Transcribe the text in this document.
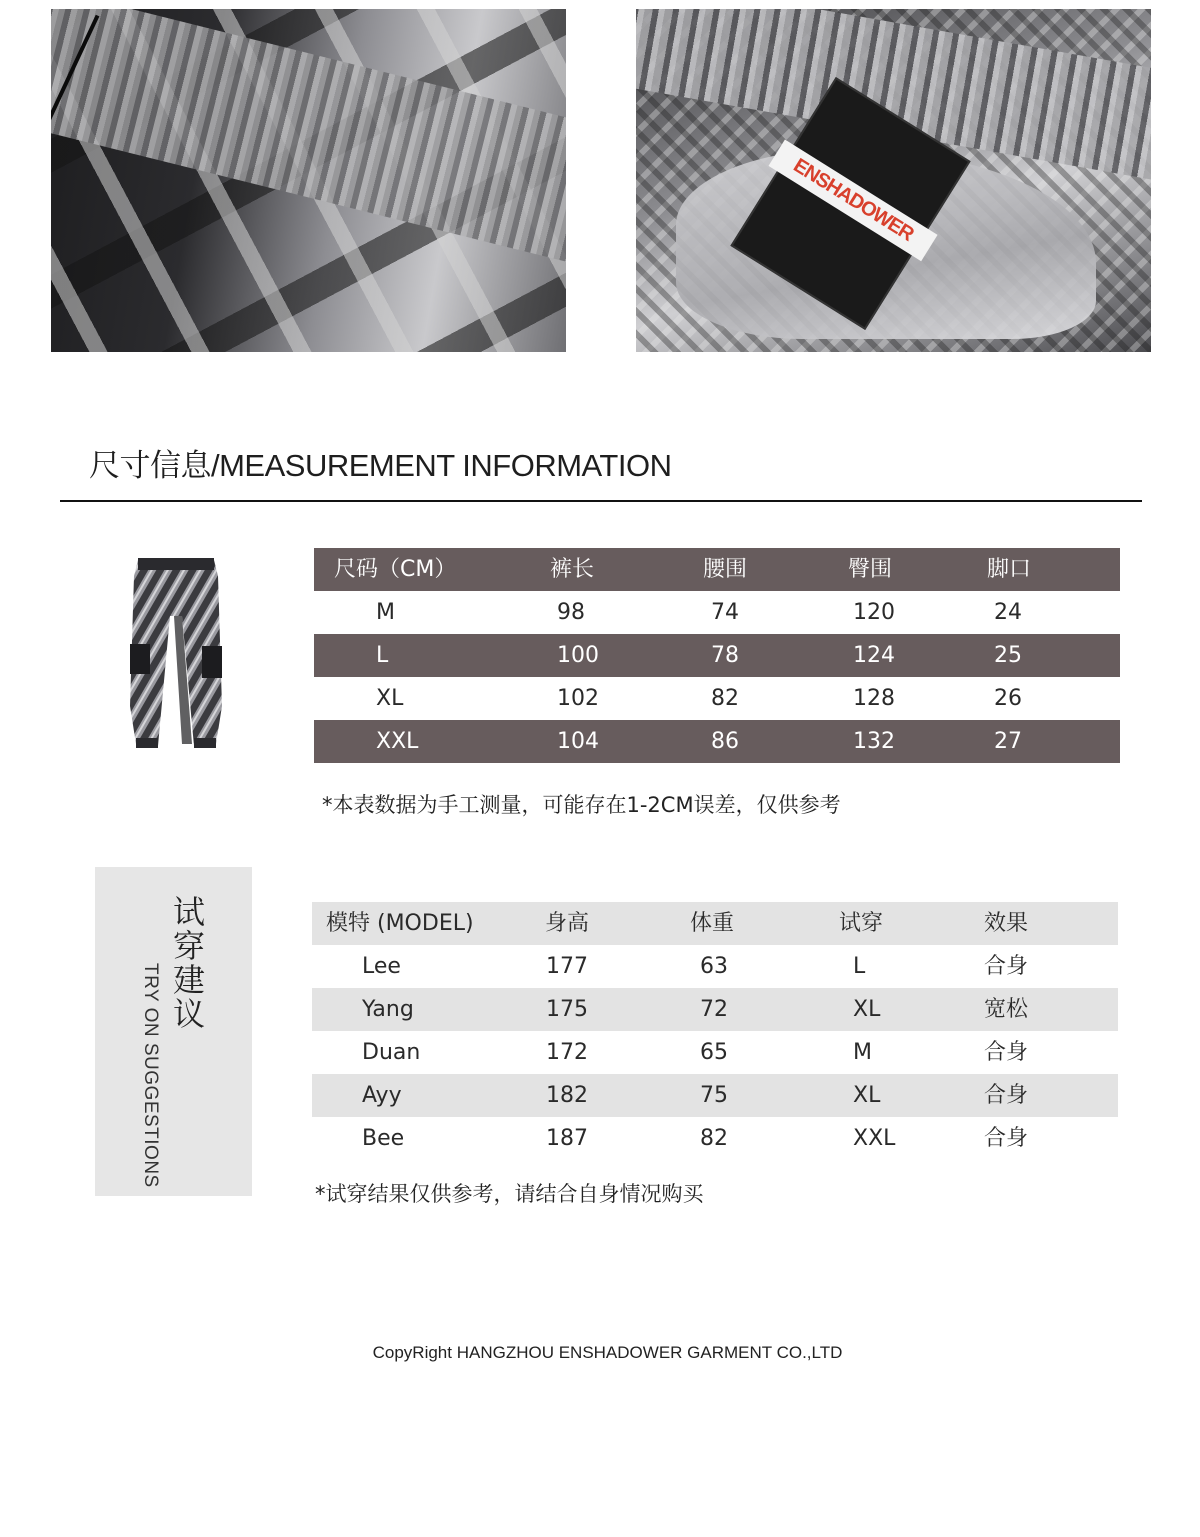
ENSHADOWER
尺寸信息/MEASUREMENT INFORMATION
尺码（CM）	裤长	腰围	臀围	脚口
M	98	74	120	24
L	100	78	124	25
XL	102	82	128	26
XXL	104	86	132	27
*本表数据为手工测量，可能存在1-2CM误差，仅供参考
试穿建议
TRY ON SUGGESTIONS
模特 (MODEL)	身高	体重	试穿	效果
Lee	177	63	L	合身
Yang	175	72	XL	宽松
Duan	172	65	M	合身
Ayy	182	75	XL	合身
Bee	187	82	XXL	合身
*试穿结果仅供参考，请结合自身情况购买
CopyRight HANGZHOU ENSHADOWER GARMENT CO.,LTD
